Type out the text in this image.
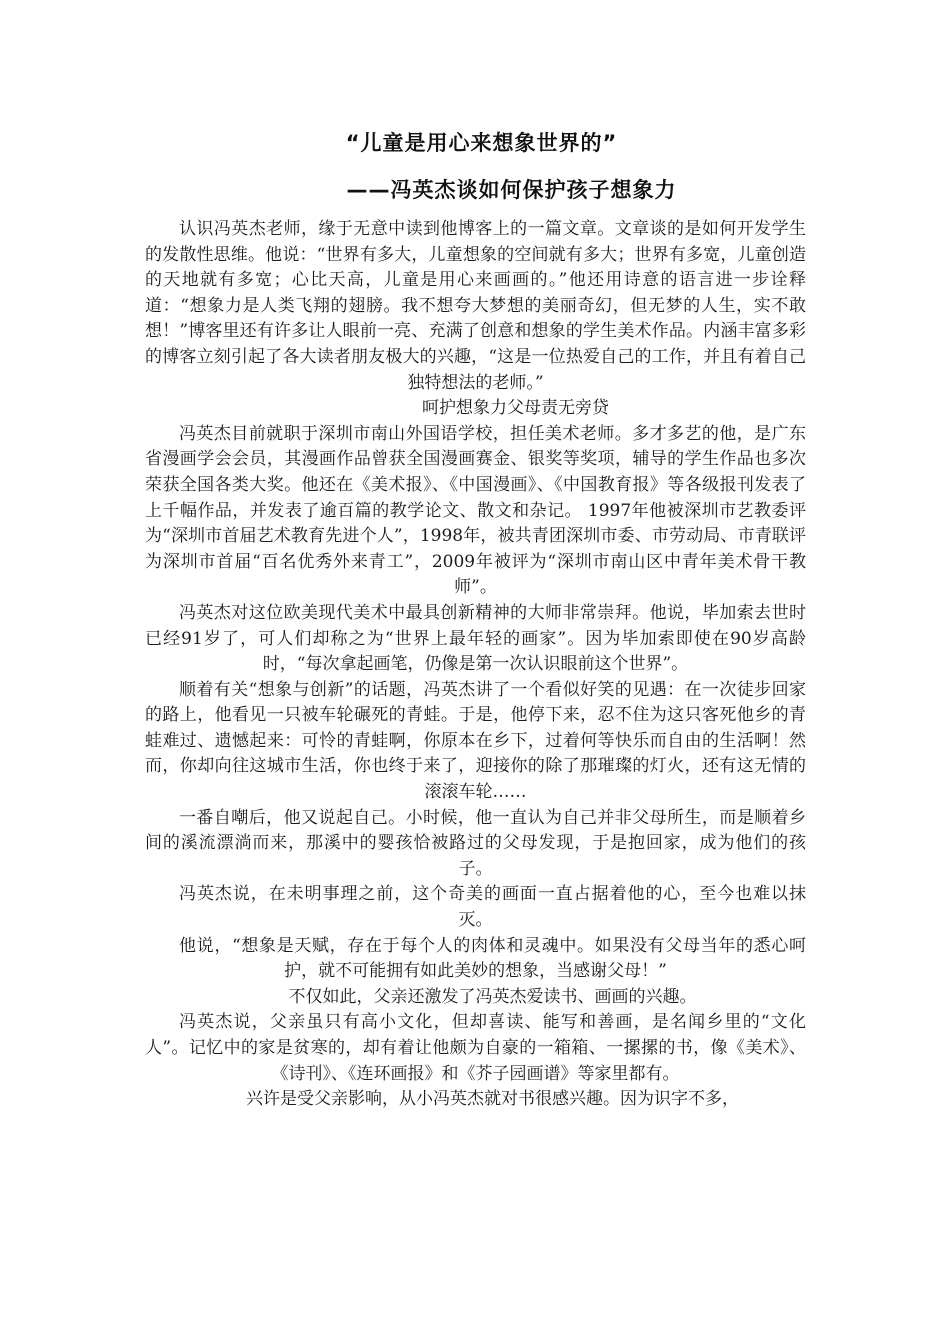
“儿童是用心来想象世界的”
——冯英杰谈如何保护孩子想象力

认识冯英杰老师，缘于无意中读到他博客上的一篇文章。文章谈的是如何开发学生的发散性思维。他说：“世界有多大，儿童想象的空间就有多大；世界有多宽，儿童创造的天地就有多宽；心比天高，儿童是用心来画画的。”他还用诗意的语言进一步诠释道：“想象力是人类飞翔的翅膀。我不想夸大梦想的美丽奇幻，但无梦的人生，实不敢想！”博客里还有许多让人眼前一亮、充满了创意和想象的学生美术作品。内涵丰富多彩的博客立刻引起了各大读者朋友极大的兴趣，“这是一位热爱自己的工作，并且有着自己独特想法的老师。”

呵护想象力父母责无旁贷

冯英杰目前就职于深圳市南山外国语学校，担任美术老师。多才多艺的他，是广东省漫画学会会员，其漫画作品曾获全国漫画赛金、银奖等奖项，辅导的学生作品也多次荣获全国各类大奖。他还在《美术报》、《中国漫画》、《中国教育报》等各级报刊发表了上千幅作品，并发表了逾百篇的教学论文、散文和杂记。 1997年他被深圳市艺教委评为“深圳市首届艺术教育先进个人”，1998年，被共青团深圳市委、市劳动局、市青联评为深圳市首届“百名优秀外来青工”，2009年被评为“深圳市南山区中青年美术骨干教师”。

冯英杰对这位欧美现代美术中最具创新精神的大师非常崇拜。他说，毕加索去世时已经91岁了，可人们却称之为“世界上最年轻的画家”。因为毕加索即使在90岁高龄时，“每次拿起画笔，仍像是第一次认识眼前这个世界”。

顺着有关“想象与创新”的话题，冯英杰讲了一个看似好笑的见遇：在一次徒步回家的路上，他看见一只被车轮碾死的青蛙。于是，他停下来，忍不住为这只客死他乡的青蛙难过、遗憾起来：可怜的青蛙啊，你原本在乡下，过着何等快乐而自由的生活啊！然而，你却向往这城市生活，你也终于来了，迎接你的除了那璀璨的灯火，还有这无情的滚滚车轮……

一番自嘲后，他又说起自己。小时候，他一直认为自己并非父母所生，而是顺着乡间的溪流漂淌而来，那溪中的婴孩恰被路过的父母发现，于是抱回家，成为他们的孩子。

冯英杰说，在未明事理之前，这个奇美的画面一直占据着他的心，至今也难以抹灭。

他说，“想象是天赋，存在于每个人的肉体和灵魂中。如果没有父母当年的悉心呵护，就不可能拥有如此美妙的想象，当感谢父母！”

不仅如此，父亲还激发了冯英杰爱读书、画画的兴趣。

冯英杰说，父亲虽只有高小文化，但却喜读、能写和善画，是名闻乡里的“文化人”。记忆中的家是贫寒的，却有着让他颇为自豪的一箱箱、一摞摞的书，像《美术》、《诗刊》、《连环画报》和《芥子园画谱》等家里都有。

兴许是受父亲影响，从小冯英杰就对书很感兴趣。因为识字不多，
